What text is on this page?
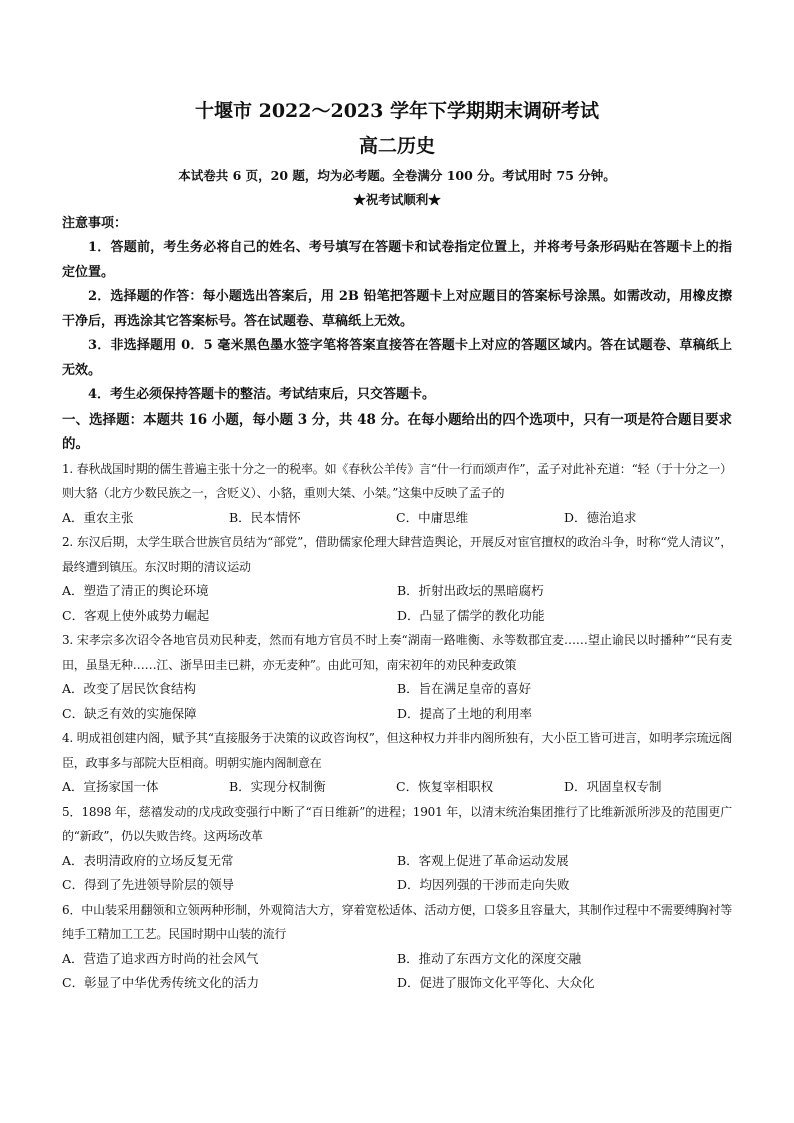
十堰市 2022～2023 学年下学期期末调研考试
高二历史
本试卷共 6 页，20 题，均为必考题。全卷满分 100 分。考试用时 75 分钟。
★祝考试顺利★
注意事项：

1．答题前，考生务必将自己的姓名、考号填写在答题卡和试卷指定位置上，并将考号条形码贴在答题卡上的指定位置。

2．选择题的作答：每小题选出答案后，用 2B 铅笔把答题卡上对应题目的答案标号涂黑。如需改动，用橡皮擦干净后，再选涂其它答案标号。答在试题卷、草稿纸上无效。

3．非选择题用 0．5 毫米黑色墨水签字笔将答案直接答在答题卡上对应的答题区域内。答在试题卷、草稿纸上无效。

4．考生必须保持答题卡的整洁。考试结束后，只交答题卡。

一、选择题：本题共 16 小题，每小题 3 分，共 48 分。在每小题给出的四个选项中，只有一项是符合题目要求的。

1. 春秋战国时期的儒生普遍主张十分之一的税率。如《春秋公羊传》言“什一行而颂声作”，孟子对此补充道：“轻（于十分之一）则大貉（北方少数民族之一，含贬义）、小貉，重则大桀、小桀。”这集中反映了孟子的

A．重农主张	B．民本情怀	C．中庸思维	D．德治追求

2. 东汉后期，太学生联合世族官员结为“部党”，借助儒家伦理大肆营造舆论，开展反对宦官擅权的政治斗争，时称“党人清议”，最终遭到镇压。东汉时期的清议运动

A．塑造了清正的舆论环境	B．折射出政坛的黑暗腐朽
C．客观上使外戚势力崛起	D．凸显了儒学的教化功能

3. 宋孝宗多次诏令各地官员劝民种麦，然而有地方官员不时上奏“湖南一路唯衡、永等数郡宜麦……望止谕民以时播种”“民有麦田，虽垦无种……江、浙旱田圭已耕，亦无麦种”。由此可知，南宋初年的劝民种麦政策

A．改变了居民饮食结构	B．旨在满足皇帝的喜好
C．缺乏有效的实施保障	D．提高了土地的利用率

4. 明成祖创建内阁，赋予其“直接服务于决策的议政咨询权”，但这种权力并非内阁所独有，大小臣工皆可进言，如明孝宗琉远阁臣，政事多与部院大臣相商。明朝实施内阁制意在

A．宣扬家国一体	B．实现分权制衡	C．恢复宰相职权	D．巩固皇权专制

5．1898 年，慈禧发动的戊戌政变强行中断了“百日维新”的进程；1901 年，以清末统治集团推行了比维新派所涉及的范围更广的“新政”，仍以失败告终。这两场改革

A．表明清政府的立场反复无常	B．客观上促进了革命运动发展
C．得到了先进领导阶层的领导	D．均因列强的干涉而走向失败

6．中山装采用翻领和立领两种形制，外观简洁大方，穿着宽松适体、活动方便，口袋多且容量大，其制作过程中不需要缚胸衬等纯手工精加工工艺。民国时期中山装的流行

A．营造了追求西方时尚的社会风气	B．推动了东西方文化的深度交融
C．彰显了中华优秀传统文化的活力	D．促进了服饰文化平等化、大众化
